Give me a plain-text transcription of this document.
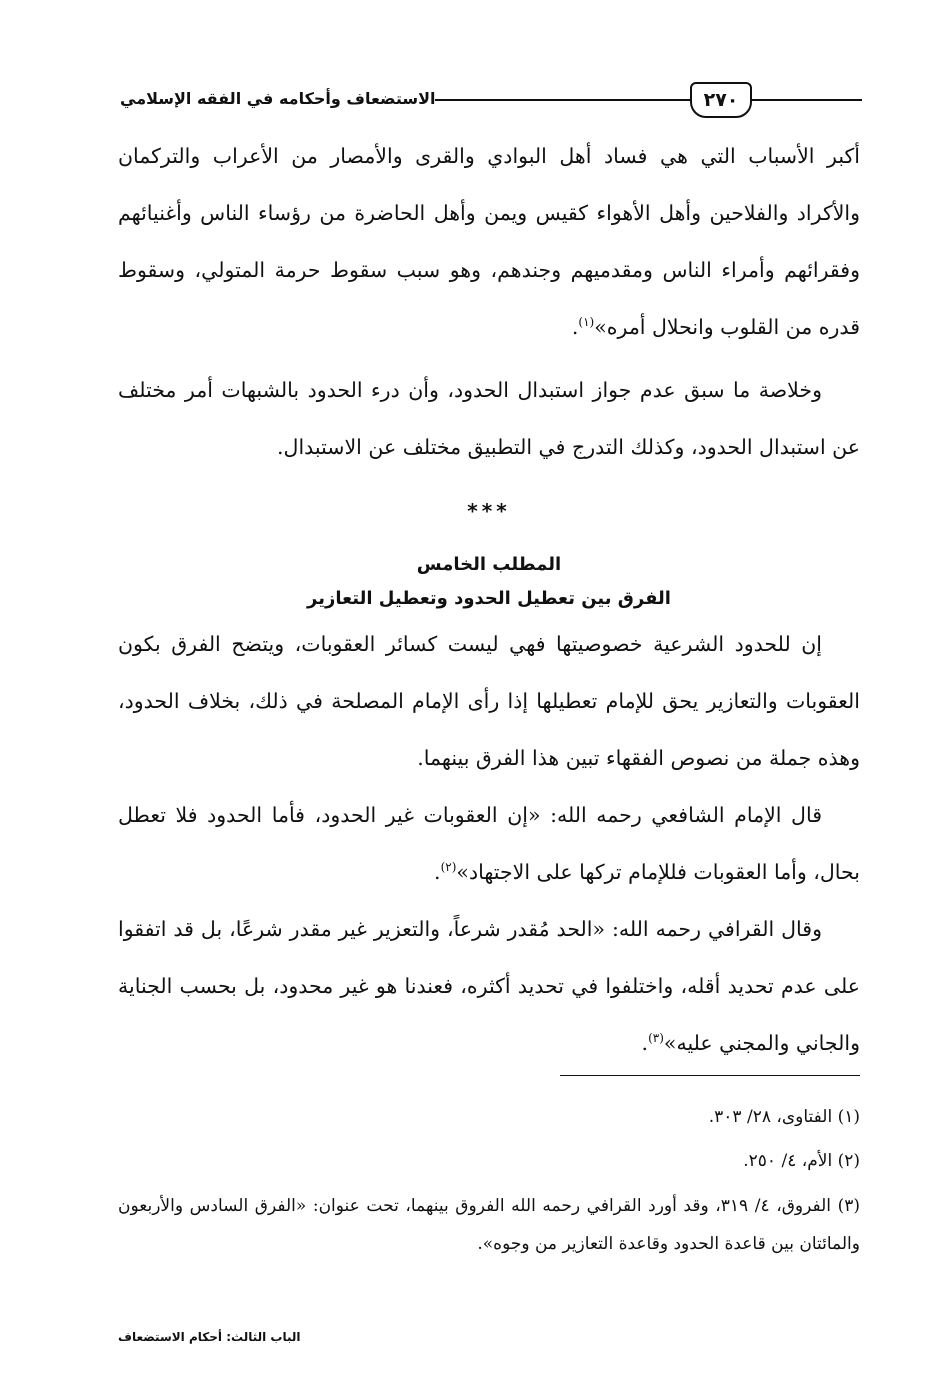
٢٧٠
الاستضعاف وأحكامه في الفقه الإسلامي

أكبر الأسباب التي هي فساد أهل البوادي والقرى والأمصار من الأعراب والتركمان والأكراد والفلاحين وأهل الأهواء كقيس ويمن وأهل الحاضرة من رؤساء الناس وأغنيائهم وفقرائهم وأمراء الناس ومقدميهم وجندهم، وهو سبب سقوط حرمة المتولي، وسقوط قدره من القلوب وانحلال أمره»$^{(١)}$.

وخلاصة ما سبق عدم جواز استبدال الحدود، وأن درء الحدود بالشبهات أمر مختلف عن استبدال الحدود، وكذلك التدرج في التطبيق مختلف عن الاستبدال.

***
المطلب الخامس
الفرق بين تعطيل الحدود وتعطيل التعازير

إن للحدود الشرعية خصوصيتها فهي ليست كسائر العقوبات، ويتضح الفرق بكون العقوبات والتعازير يحق للإمام تعطيلها إذا رأى الإمام المصلحة في ذلك، بخلاف الحدود، وهذه جملة من نصوص الفقهاء تبين هذا الفرق بينهما.

قال الإمام الشافعي رحمه الله: «إن العقوبات غير الحدود، فأما الحدود فلا تعطل بحال، وأما العقوبات فللإمام تركها على الاجتهاد»$^{(٢)}$.

وقال القرافي رحمه الله: «الحد مُقدر شرعاً، والتعزير غير مقدر شرعًا، بل قد اتفقوا على عدم تحديد أقله، واختلفوا في تحديد أكثره، فعندنا هو غير محدود، بل بحسب الجناية والجاني والمجني عليه»$^{(٣)}$.

(١) الفتاوى، ٢٨/ ٣٠٣.

(٢) الأم، ٤/ ٢٥٠.

(٣) الفروق، ٤/ ٣١٩، وقد أورد القرافي رحمه الله الفروق بينهما، تحت عنوان: «الفرق السادس والأربعون والمائتان بين قاعدة الحدود وقاعدة التعازير من وجوه».

الباب الثالث: أحكام الاستضعاف
